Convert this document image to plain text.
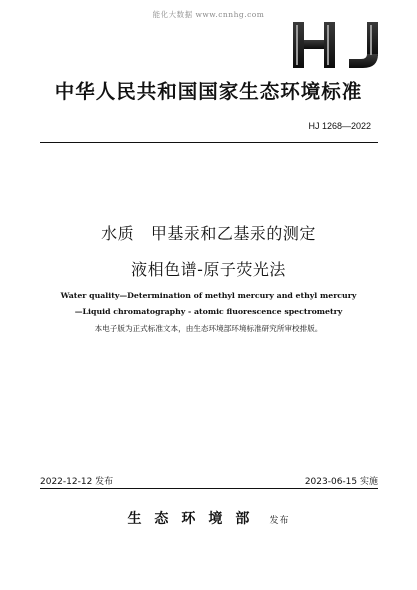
能化大数据 www.cnnhg.com
中华人民共和国国家生态环境标准
HJ 1268—2022
水质   甲基汞和乙基汞的测定
液相色谱-原子荧光法
Water quality—Determination of methyl mercury and ethyl mercury
—Liquid chromatography - atomic fluorescence spectrometry
本电子版为正式标准文本，由生态环境部环境标准研究所审校排版。
2022-12-12 发布	2023-06-15 实施
生态环境部 发布
